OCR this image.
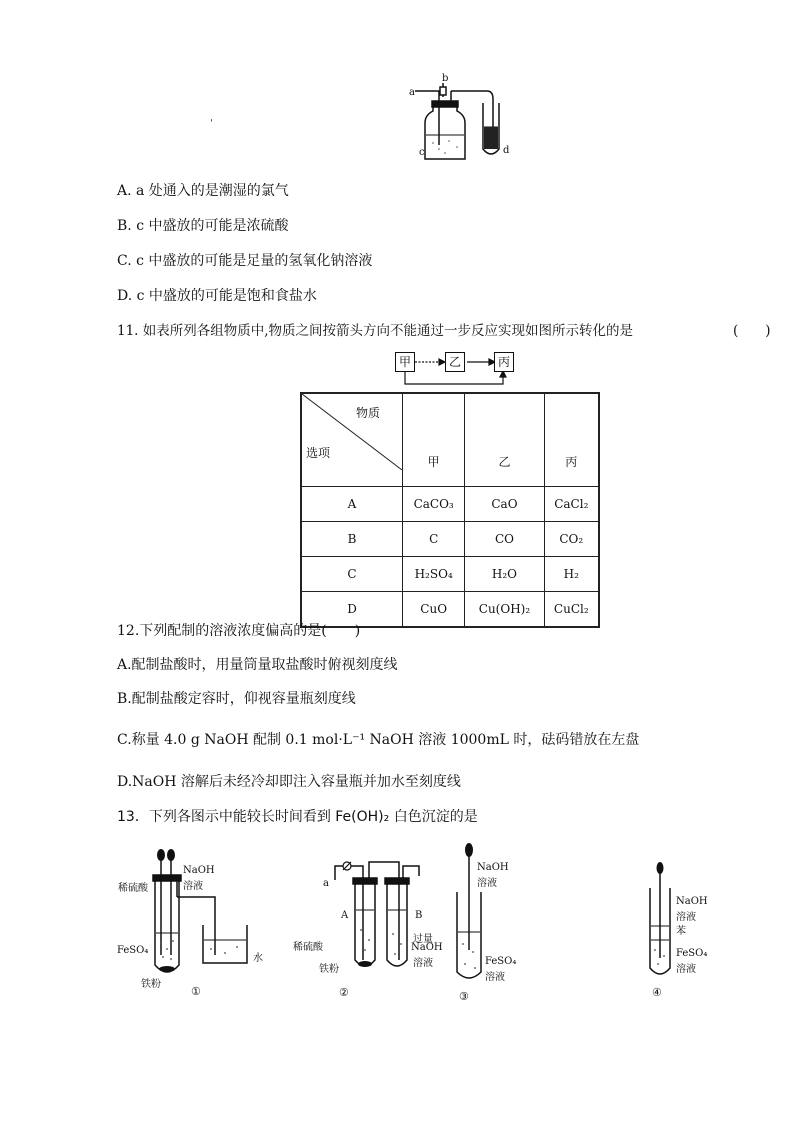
a
b
c	d
ˌ
A. a 处通入的是潮湿的氯气
B. c 中盛放的可能是浓硫酸
C. c 中盛放的可能是足量的氢氧化钠溶液
D. c 中盛放的可能是饱和食盐水
11. 如表所列各组物质中,物质之间按箭头方向不能通过一步反应实现如图所示转化的是	(　　)
甲	乙	丙
物质
选项	甲	乙	丙
A	CaCO₃	CaO	CaCl₂
B	C	CO	CO₂
C	H₂SO₄	H₂O	H₂
D	CuO	Cu(OH)₂	CuCl₂
12.下列配制的溶液浓度偏高的是(　　)
A.配制盐酸时，用量筒量取盐酸时俯视刻度线
B.配制盐酸定容时，仰视容量瓶刻度线
C.称量 4.0 g NaOH 配制 0.1 mol·L⁻¹ NaOH 溶液 1000mL 时，砝码错放在左盘
D.NaOH 溶解后未经冷却即注入容量瓶并加水至刻度线
13．下列各图示中能较长时间看到 Fe(OH)₂ 白色沉淀的是
稀硫酸
NaOH
溶液
FeSO₄
铁粉
水
①
a
A	B
稀硫酸
铁粉
过量
NaOH
溶液
②
NaOH
溶液
FeSO₄
溶液
③
NaOH
溶液
苯
FeSO₄
溶液
④
